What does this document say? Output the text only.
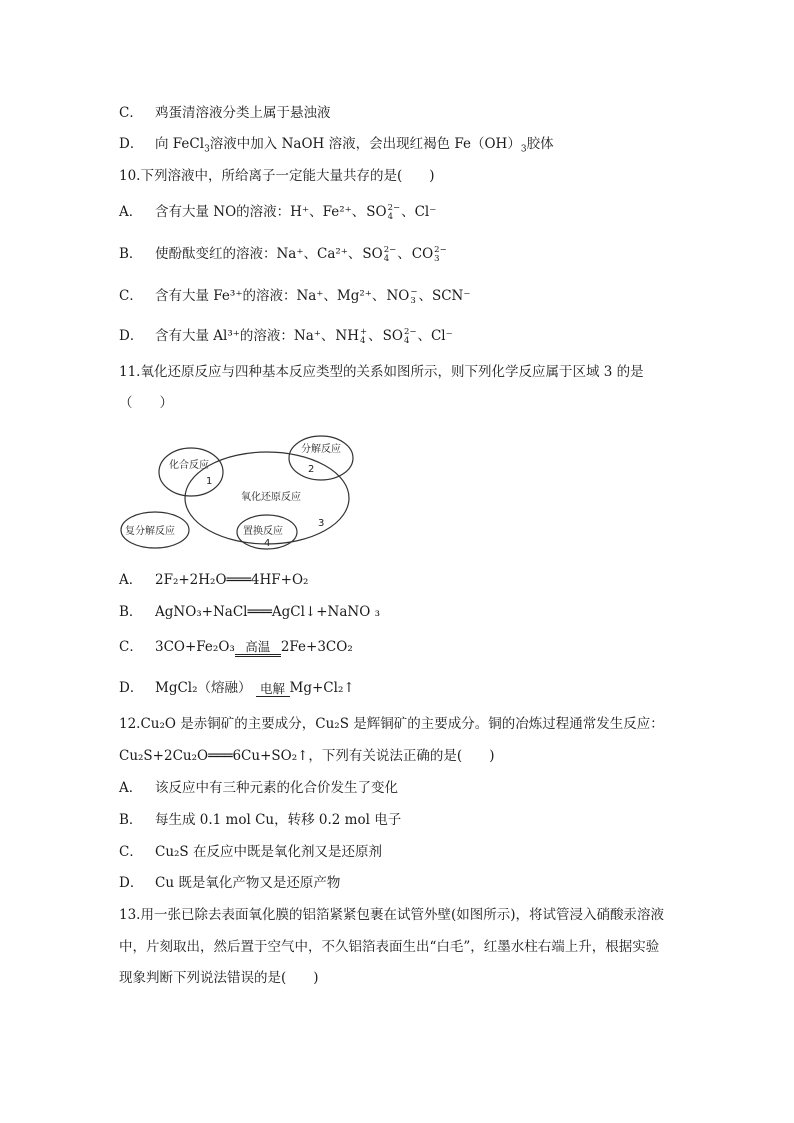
C． 鸡蛋清溶液分类上属于悬浊液
D． 向 FeCl$_3$溶液中加入 NaOH 溶液，会出现红褐色 $Fe(OH)_3$胶体
10.下列溶液中，所给离子一定能大量共存的是(　　)
A． 含有大量 NO的溶液：H⁺、Fe²⁺、SO 2−
4 、Cl⁻
B． 使酚酞变红的溶液：Na⁺、Ca²⁺、SO 2−
4 、CO 2−
3
C． 含有大量 Fe³⁺的溶液：Na⁺、Mg²⁺、NO −
3 、SCN⁻
D． 含有大量 Al³⁺的溶液：Na⁺、NH +
4 、SO 2−
4 、Cl⁻
11.氧化还原反应与四种基本反应类型的关系如图所示，则下列化学反应属于区域 3 的是
（　　）
化合反应
1
分解反应
2
氧化还原反应
3
复分解反应	置换反应
4
A． 2F₂+2H₂O═══4HF+O₂
B． AgNO₃+NaCl═══AgCl↓+NaNO ₃
C． 3CO+Fe₂O₃ 高温 2Fe+3CO₂
D． MgCl₂（熔融） 电解 Mg+Cl₂↑
12.Cu₂O 是赤铜矿的主要成分，Cu₂S 是辉铜矿的主要成分。铜的冶炼过程通常发生反应：
Cu₂S+2Cu₂O═══6Cu+SO₂↑，下列有关说法正确的是(　　)
A． 该反应中有三种元素的化合价发生了变化
B． 每生成 0.1 mol Cu，转移 0.2 mol 电子
C． Cu₂S 在反应中既是氧化剂又是还原剂
D． Cu 既是氧化产物又是还原产物
13.用一张已除去表面氧化膜的铝箔紧紧包裹在试管外壁(如图所示)，将试管浸入硝酸汞溶液
中，片刻取出，然后置于空气中，不久铝箔表面生出“白毛”，红墨水柱右端上升，根据实验
现象判断下列说法错误的是(　　)
